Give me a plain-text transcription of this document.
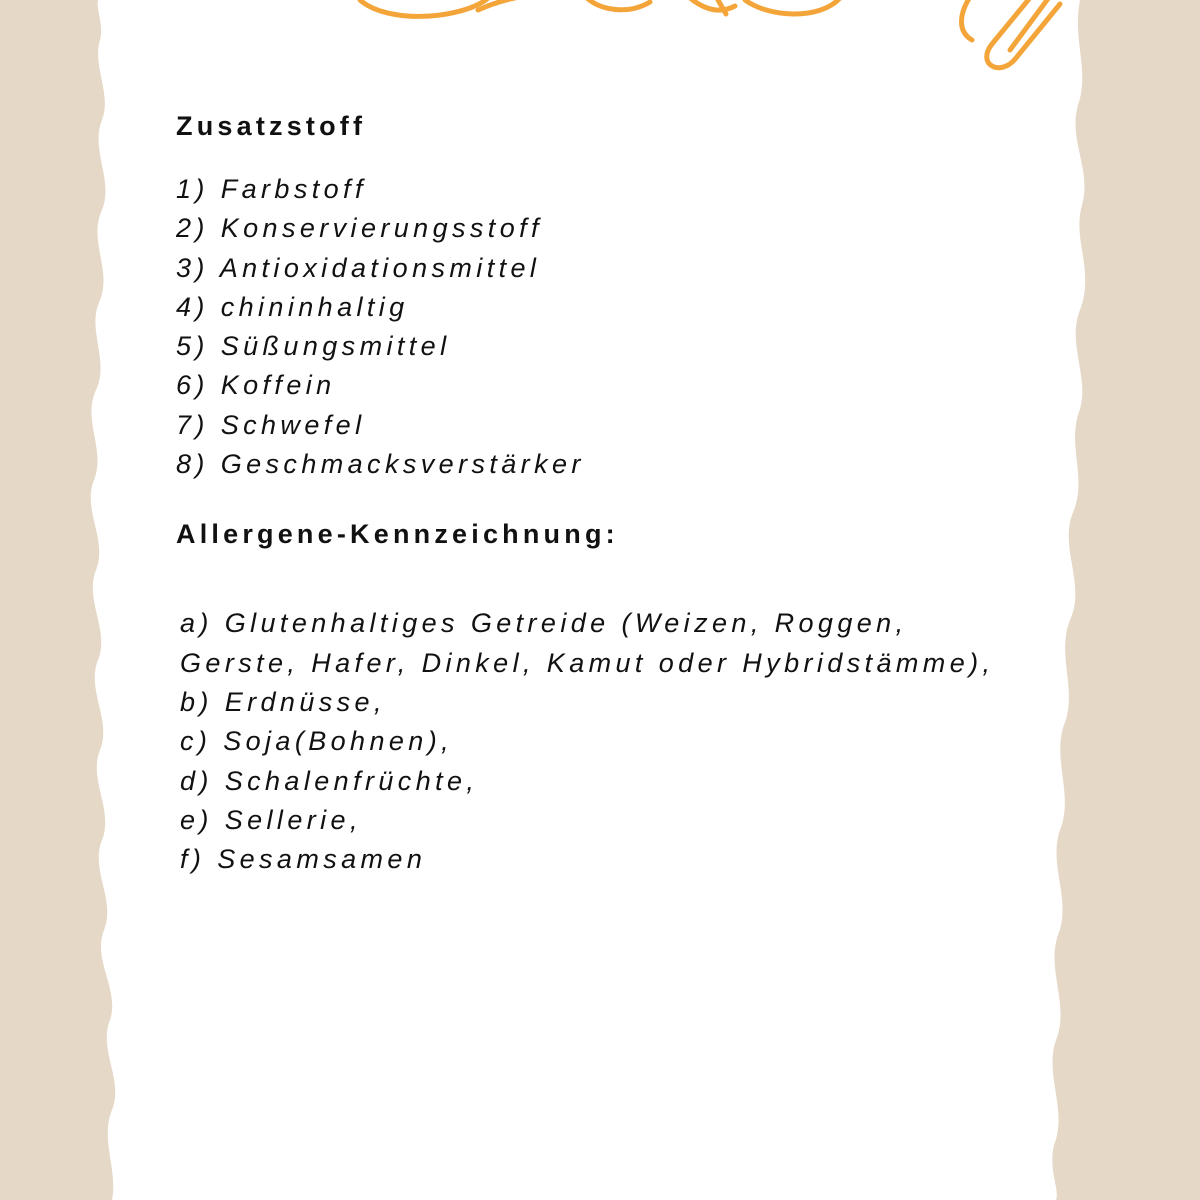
Zusatzstoff
1) Farbstoff
2) Konservierungsstoff
3) Antioxidationsmittel
4) chininhaltig
5) Süßungsmittel
6) Koffein
7) Schwefel
8) Geschmacksverstärker
Allergene-Kennzeichnung:
a) Glutenhaltiges Getreide (Weizen, Roggen,
Gerste, Hafer, Dinkel, Kamut oder Hybridstämme),
b) Erdnüsse,
c) Soja(Bohnen),
d) Schalenfrüchte,
e) Sellerie,
f) Sesamsamen
